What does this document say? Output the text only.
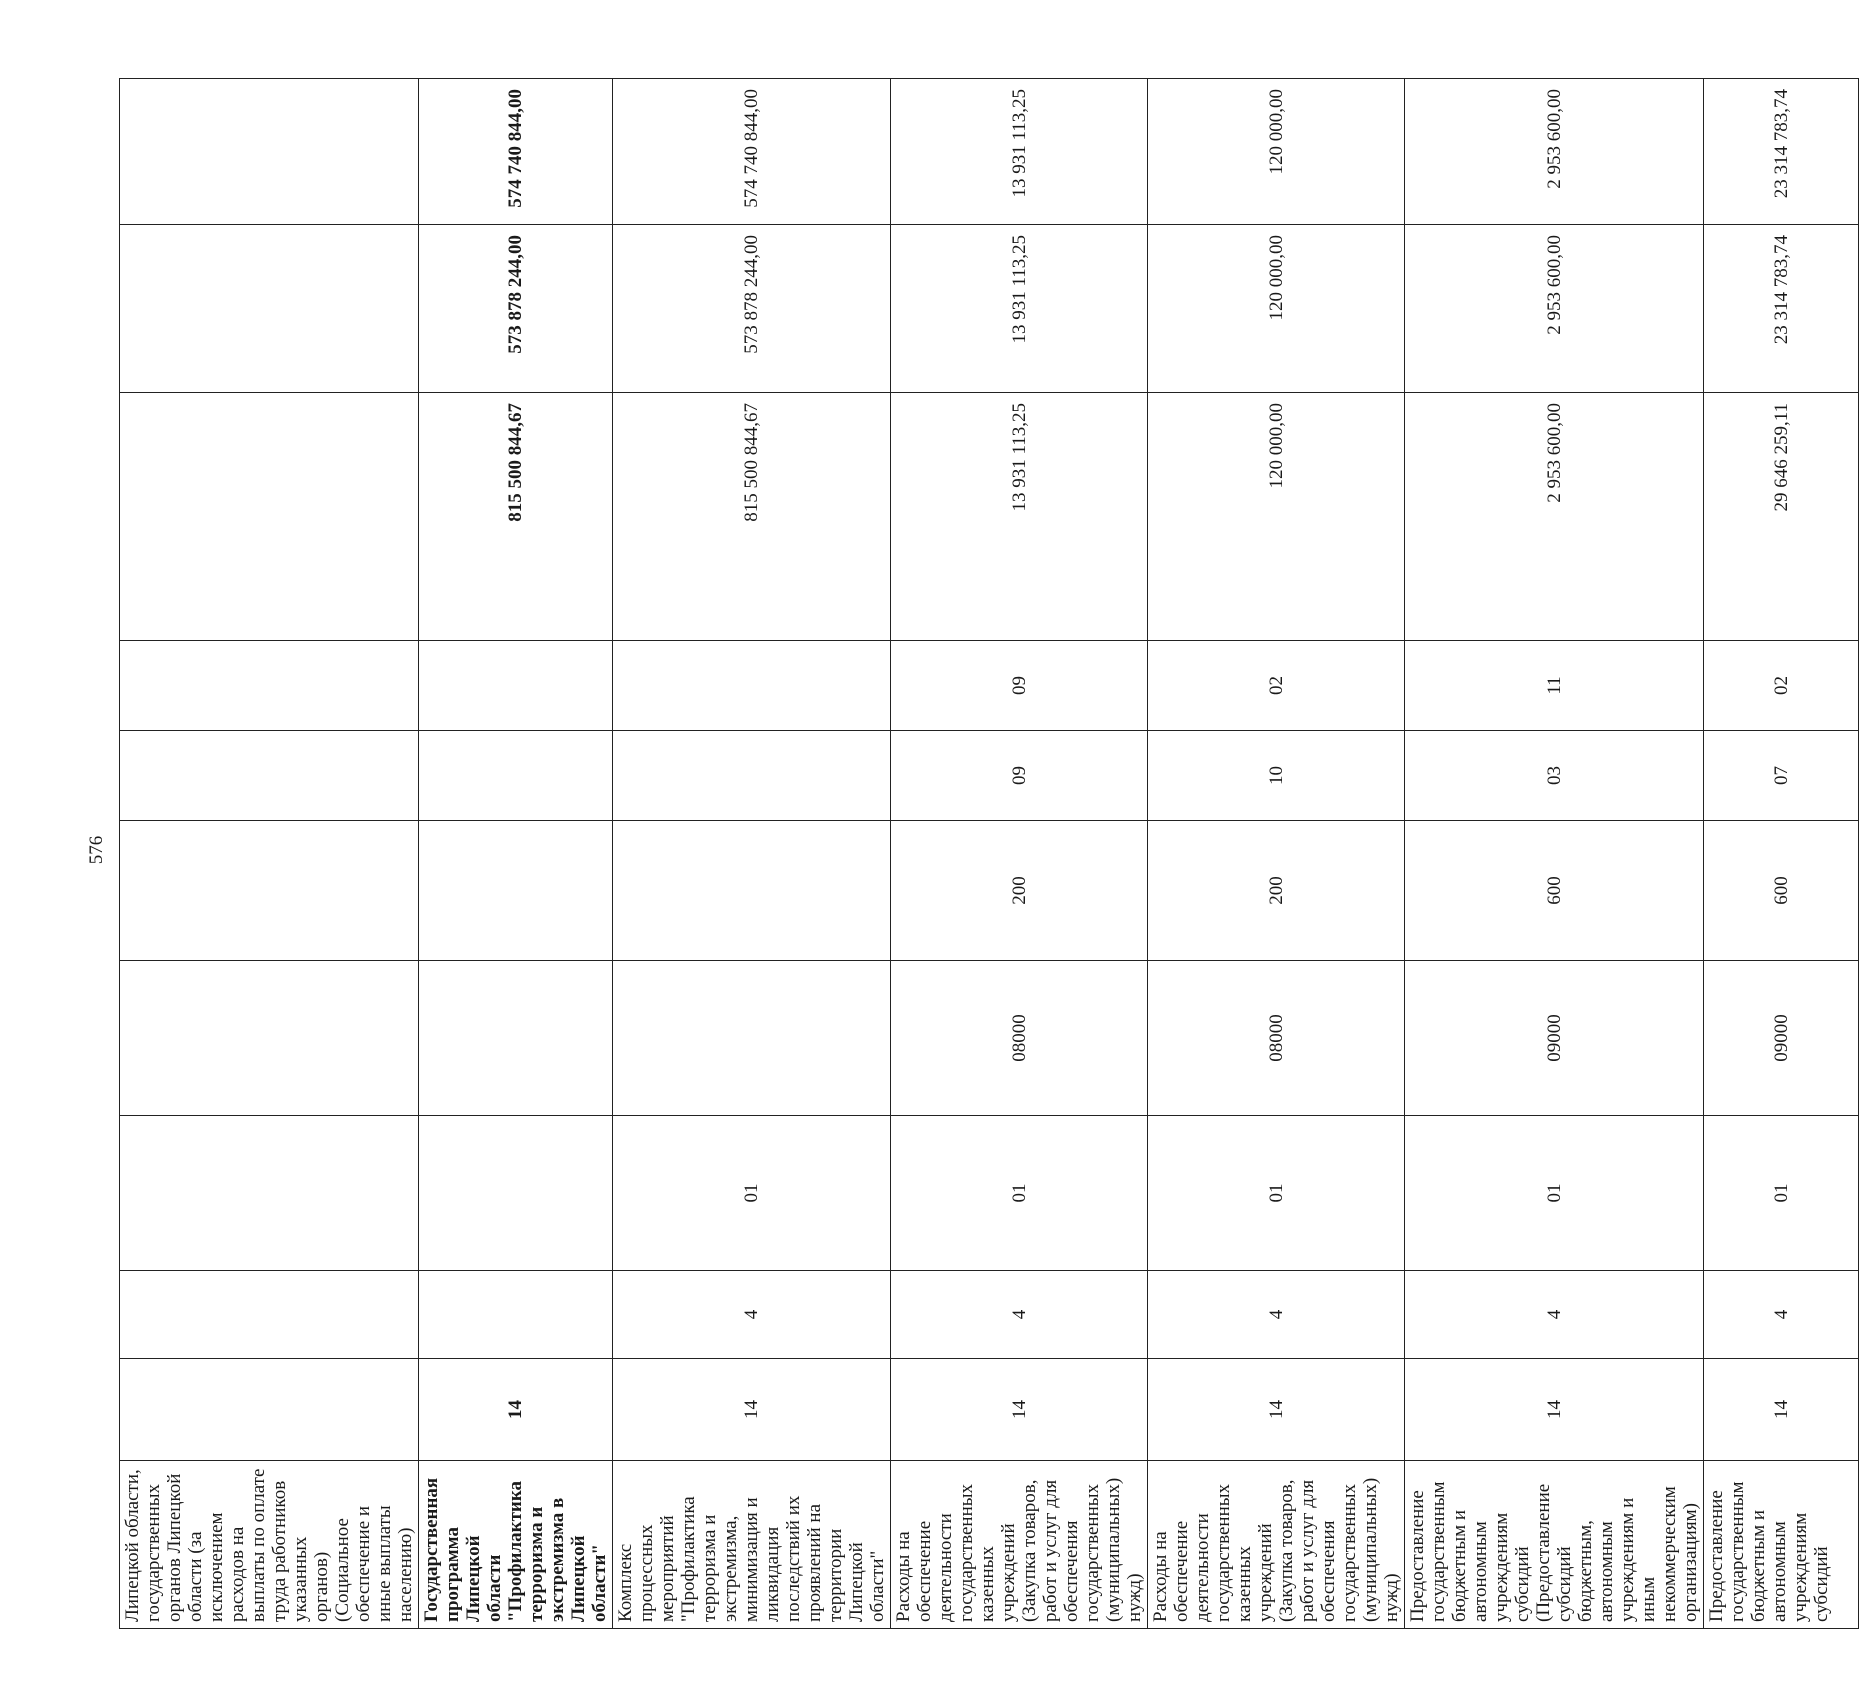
576
Липецкой области, государственных органов Липецкой области (за исключением расходов на выплаты по оплате труда работников указанных органов) (Социальное обеспечение и иные выплаты населению)										
Государственная программа Липецкой области "Профилактика терроризма и экстремизма в Липецкой области"	14							815 500 844,67	573 878 244,00	574 740 844,00
Комплекс процессных мероприятий "Профилактика терроризма и экстремизма, минимизация и ликвидация последствий их проявлений на территории Липецкой области"	14	4	01					815 500 844,67	573 878 244,00	574 740 844,00
Расходы на обеспечение деятельности государственных казенных учреждений (Закупка товаров, работ и услуг для обеспечения государственных (муниципальных) нужд)	14	4	01	08000	200	09	09	13 931 113,25	13 931 113,25	13 931 113,25
Расходы на обеспечение деятельности государственных казенных учреждений (Закупка товаров, работ и услуг для обеспечения государственных (муниципальных) нужд)	14	4	01	08000	200	10	02	120 000,00	120 000,00	120 000,00
Предоставление государственным бюджетным и автономным учреждениям субсидий (Предоставление субсидий бюджетным, автономным учреждениям и иным некоммерческим организациям)	14	4	01	09000	600	03	11	2 953 600,00	2 953 600,00	2 953 600,00
Предоставление государственным бюджетным и автономным учреждениям субсидий	14	4	01	09000	600	07	02	29 646 259,11	23 314 783,74	23 314 783,74
